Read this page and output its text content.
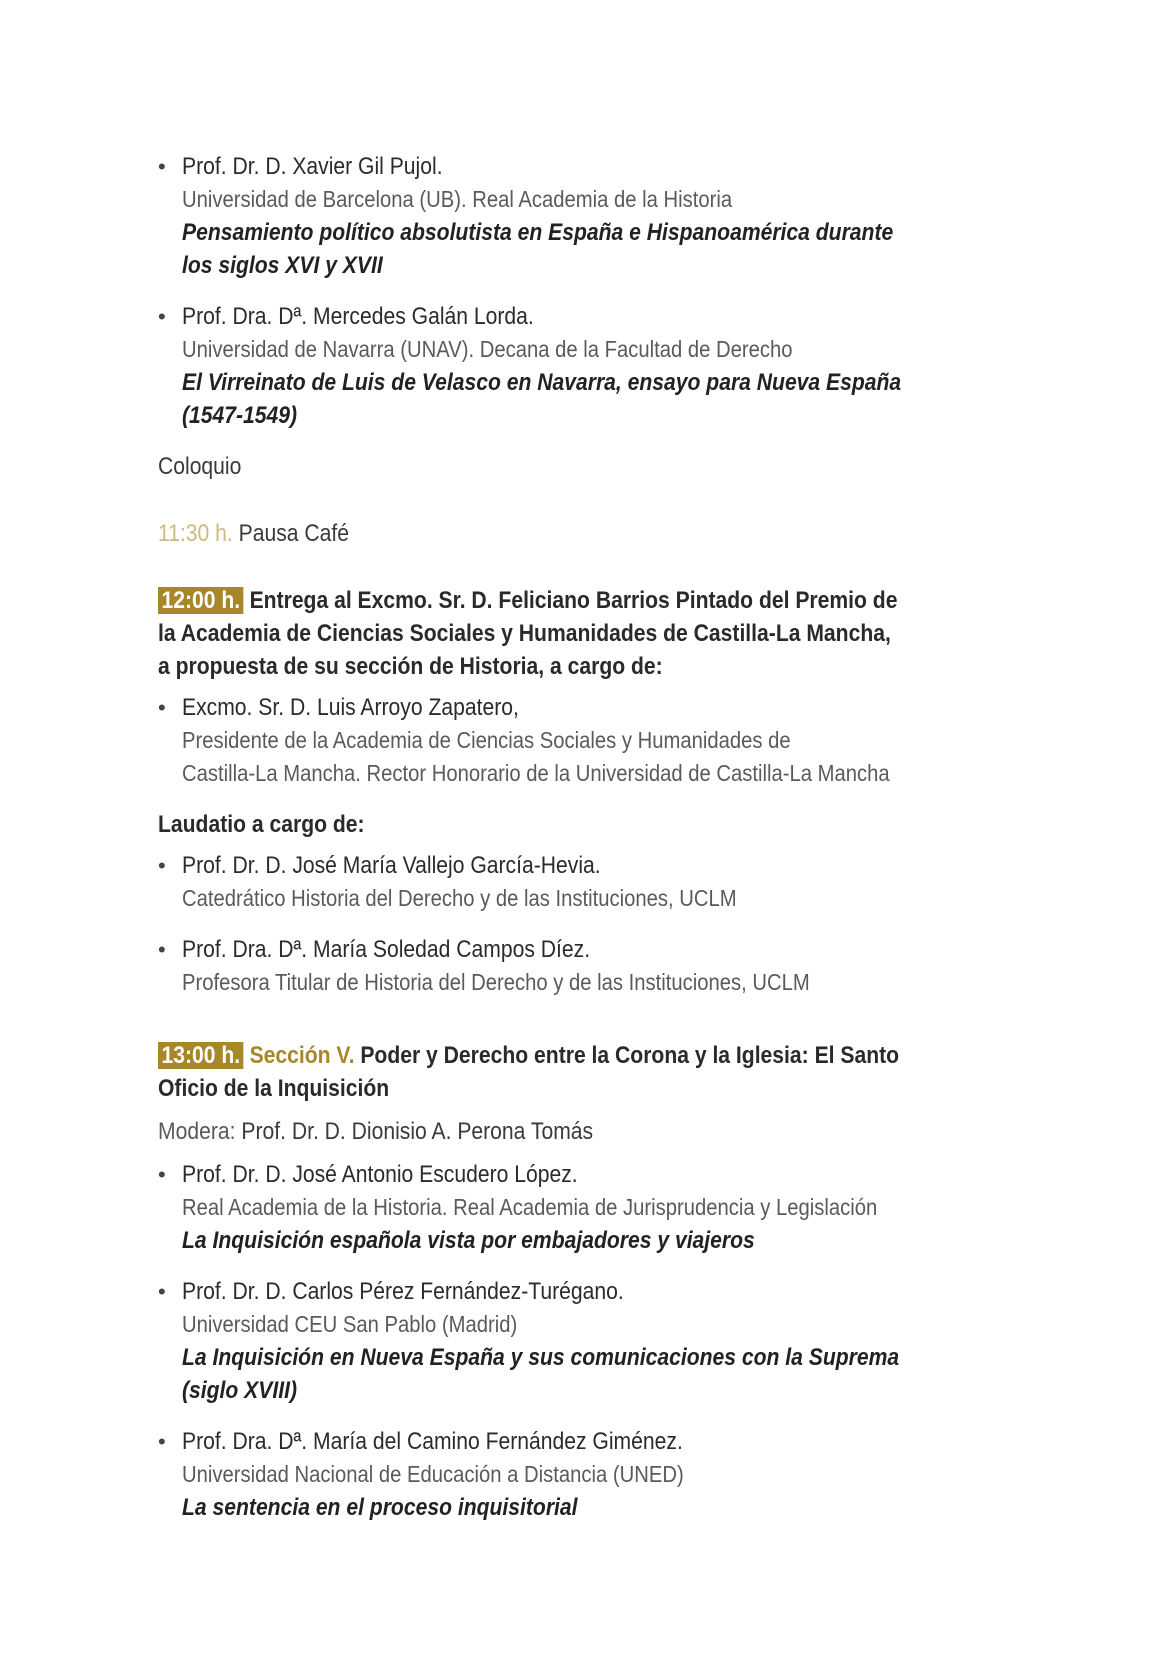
• Prof. Dr. D. Xavier Gil Pujol.
Universidad de Barcelona (UB). Real Academia de la Historia
Pensamiento político absolutista en España e Hispanoamérica durante
los siglos XVI y XVII
• Prof. Dra. Dª. Mercedes Galán Lorda.
Universidad de Navarra (UNAV). Decana de la Facultad de Derecho
El Virreinato de Luis de Velasco en Navarra, ensayo para Nueva España
(1547-1549)
Coloquio
11:30 h. Pausa Café
12:00 h. Entrega al Excmo. Sr. D. Feliciano Barrios Pintado del Premio de
la Academia de Ciencias Sociales y Humanidades de Castilla-La Mancha,
a propuesta de su sección de Historia, a cargo de:
• Excmo. Sr. D. Luis Arroyo Zapatero,
Presidente de la Academia de Ciencias Sociales y Humanidades de
Castilla-La Mancha. Rector Honorario de la Universidad de Castilla-La Mancha
Laudatio a cargo de:
• Prof. Dr. D. José María Vallejo García-Hevia.
Catedrático Historia del Derecho y de las Instituciones, UCLM
• Prof. Dra. Dª. María Soledad Campos Díez.
Profesora Titular de Historia del Derecho y de las Instituciones, UCLM
13:00 h. Sección V. Poder y Derecho entre la Corona y la Iglesia: El Santo
Oficio de la Inquisición
Modera: Prof. Dr. D. Dionisio A. Perona Tomás
• Prof. Dr. D. José Antonio Escudero López.
Real Academia de la Historia. Real Academia de Jurisprudencia y Legislación
La Inquisición española vista por embajadores y viajeros
• Prof. Dr. D. Carlos Pérez Fernández-Turégano.
Universidad CEU San Pablo (Madrid)
La Inquisición en Nueva España y sus comunicaciones con la Suprema
(siglo XVIII)
• Prof. Dra. Dª. María del Camino Fernández Giménez.
Universidad Nacional de Educación a Distancia (UNED)
La sentencia en el proceso inquisitorial
